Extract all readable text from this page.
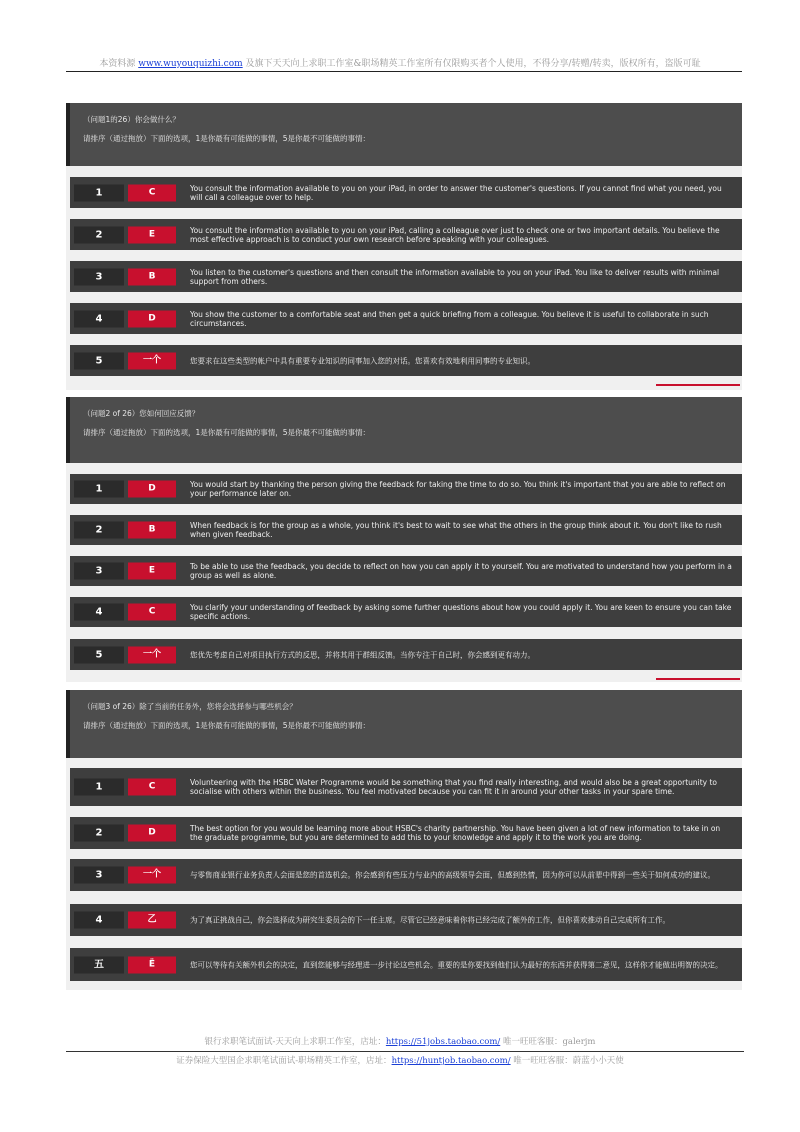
本资料源 www.wuyouquizhi.com 及旗下天天向上求职工作室&职场精英工作室所有仅限购买者个人使用，不得分享/转赠/转卖，版权所有，盗版可耻
（问题1的26）你会做什么？
请排序（通过拖放）下面的选项，1是你最有可能做的事情，5是你最不可能做的事情：
1	C	You consult the information available to you on your iPad, in order to answer the customer's questions. If you cannot find what you need, you will call a colleague over to help.
2	E	You consult the information available to you on your iPad, calling a colleague over just to check one or two important details. You believe the most effective approach is to conduct your own research before speaking with your colleagues.
3	B	You listen to the customer's questions and then consult the information available to you on your iPad. You like to deliver results with minimal support from others.
4	D	You show the customer to a comfortable seat and then get a quick briefing from a colleague. You believe it is useful to collaborate in such circumstances.
5	一个	您要求在这些类型的帐户中具有重要专业知识的同事加入您的对话。您喜欢有效地利用同事的专业知识。
（问题2 of 26）您如何回应反馈？
请排序（通过拖放）下面的选项，1是你最有可能做的事情，5是你最不可能做的事情：
1	D	You would start by thanking the person giving the feedback for taking the time to do so. You think it's important that you are able to reflect on your performance later on.
2	B	When feedback is for the group as a whole, you think it's best to wait to see what the others in the group think about it. You don't like to rush when given feedback.
3	E	To be able to use the feedback, you decide to reflect on how you can apply it to yourself. You are motivated to understand how you perform in a group as well as alone.
4	C	You clarify your understanding of feedback by asking some further questions about how you could apply it. You are keen to ensure you can take specific actions.
5	一个	您优先考虑自己对项目执行方式的反思，并将其用于群组反馈。当你专注于自己时，你会感到更有动力。
（问题3 of 26）除了当前的任务外，您将会选择参与哪些机会？
请排序（通过拖放）下面的选项，1是你最有可能做的事情，5是你最不可能做的事情：
1	C	Volunteering with the HSBC Water Programme would be something that you find really interesting, and would also be a great opportunity to socialise with others within the business. You feel motivated because you can fit it in around your other tasks in your spare time.
2	D	The best option for you would be learning more about HSBC's charity partnership. You have been given a lot of new information to take in on the graduate programme, but you are determined to add this to your knowledge and apply it to the work you are doing.
3	一个	与零售商业银行业务负责人会面是您的首选机会。你会感到有些压力与业内的高级领导会面，但感到热情，因为你可以从前辈中得到一些关于如何成功的建议。
4	乙	为了真正挑战自己，你会选择成为研究生委员会的下一任主席。尽管它已经意味着你将已经完成了额外的工作，但你喜欢推动自己完成所有工作。
五	Ë	您可以等待有关额外机会的决定，直到您能够与经理进一步讨论这些机会。重要的是你要找到他们认为最好的东西并获得第二意见，这样你才能做出明智的决定。
银行求职笔试面试-天天向上求职工作室，店址：https://51jobs.taobao.com/ 唯一旺旺客服：galerjm
证券保险大型国企求职笔试面试-职场精英工作室，店址：https://huntjob.taobao.com/ 唯一旺旺客服：蔚蓝小小天使
